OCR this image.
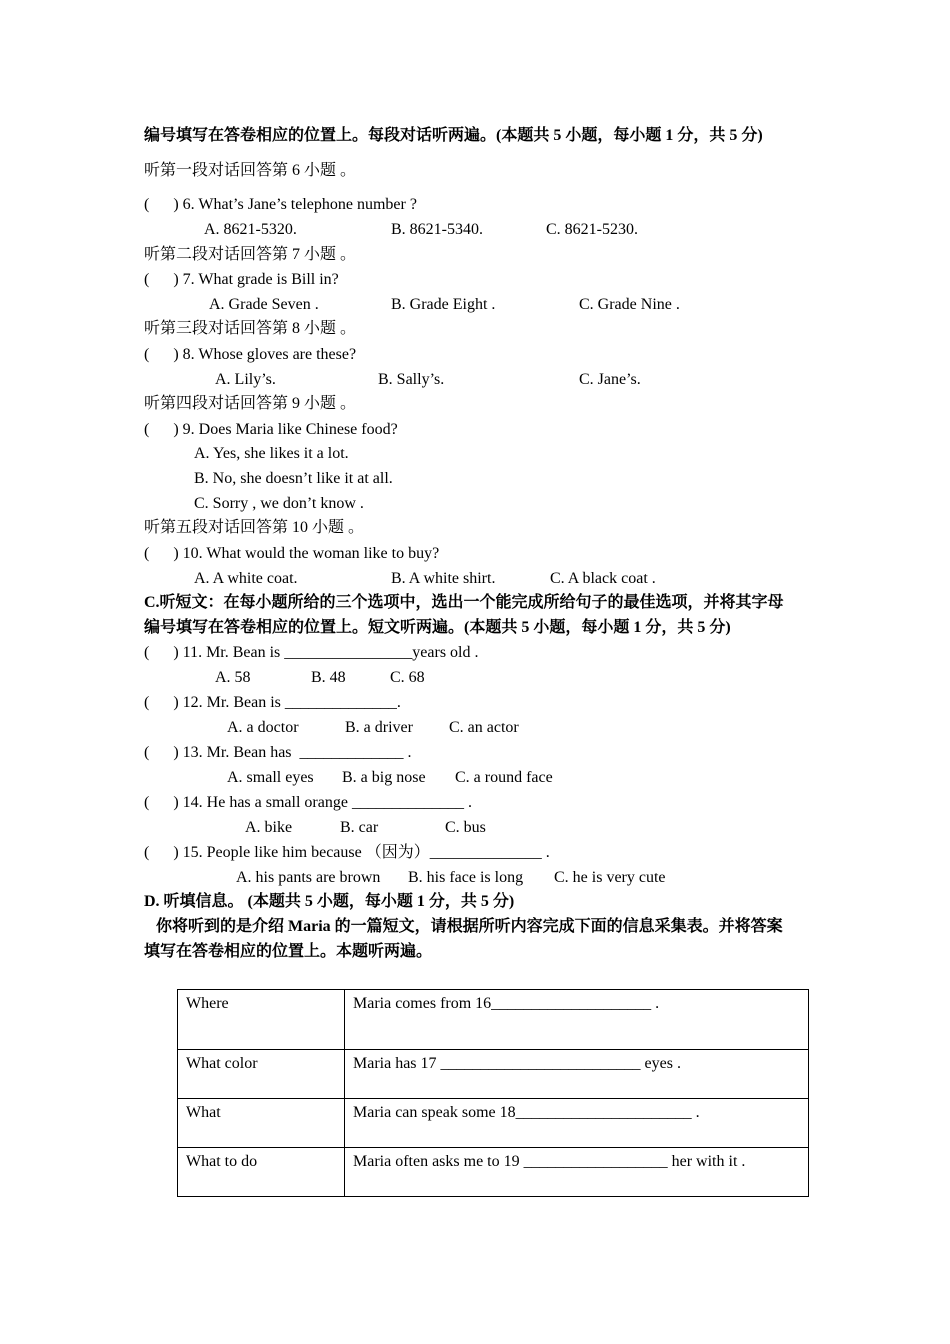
编号填写在答卷相应的位置上。每段对话听两遍。(本题共 5 小题，每小题 1 分，共 5 分)
听第一段对话回答第 6 小题 。
(      ) 6. What’s Jane’s telephone number ?
A. 8621-5320.	B. 8621-5340.	C. 8621-5230.
听第二段对话回答第 7 小题 。
(      ) 7. What grade is Bill in?
A. Grade Seven .	B. Grade Eight .	C. Grade Nine .
听第三段对话回答第 8 小题 。
(      ) 8. Whose gloves are these?
A. Lily’s.	B. Sally’s.	C. Jane’s.
听第四段对话回答第 9 小题 。
(      ) 9. Does Maria like Chinese food?
A. Yes, she likes it a lot.
B. No, she doesn’t like it at all.
C. Sorry , we don’t know .
听第五段对话回答第 10 小题 。
(      ) 10. What would the woman like to buy?
A. A white coat.	B. A white shirt.	C. A black coat .
C.听短文：在每小题所给的三个选项中，选出一个能完成所给句子的最佳选项，并将其字母
编号填写在答卷相应的位置上。短文听两遍。(本题共 5 小题，每小题 1 分，共 5 分)
(      ) 11. Mr. Bean is ________________years old .
A. 58	B. 48	C. 68
(      ) 12. Mr. Bean is ______________.
A. a doctor	B. a driver C. an actor
(      ) 13. Mr. Bean has  _____________ .
A. small eyes B. a big nose C. a round face
(      ) 14. He has a small orange ______________ .
A. bike	B. car	C. bus
(      ) 15. People like him because （因为）______________ .
A. his pants are brown B. his face is long C. he is very cute
D. 听填信息。 (本题共 5 小题，每小题 1 分，共 5 分)
你将听到的是介绍 Maria 的一篇短文，请根据所听内容完成下面的信息采集表。并将答案
填写在答卷相应的位置上。本题听两遍。
Where	Maria comes from 16____________________ .
What color	Maria has 17 _________________________ eyes .
What	Maria can speak some 18______________________ .
What to do	Maria often asks me to 19 __________________ her with it .
